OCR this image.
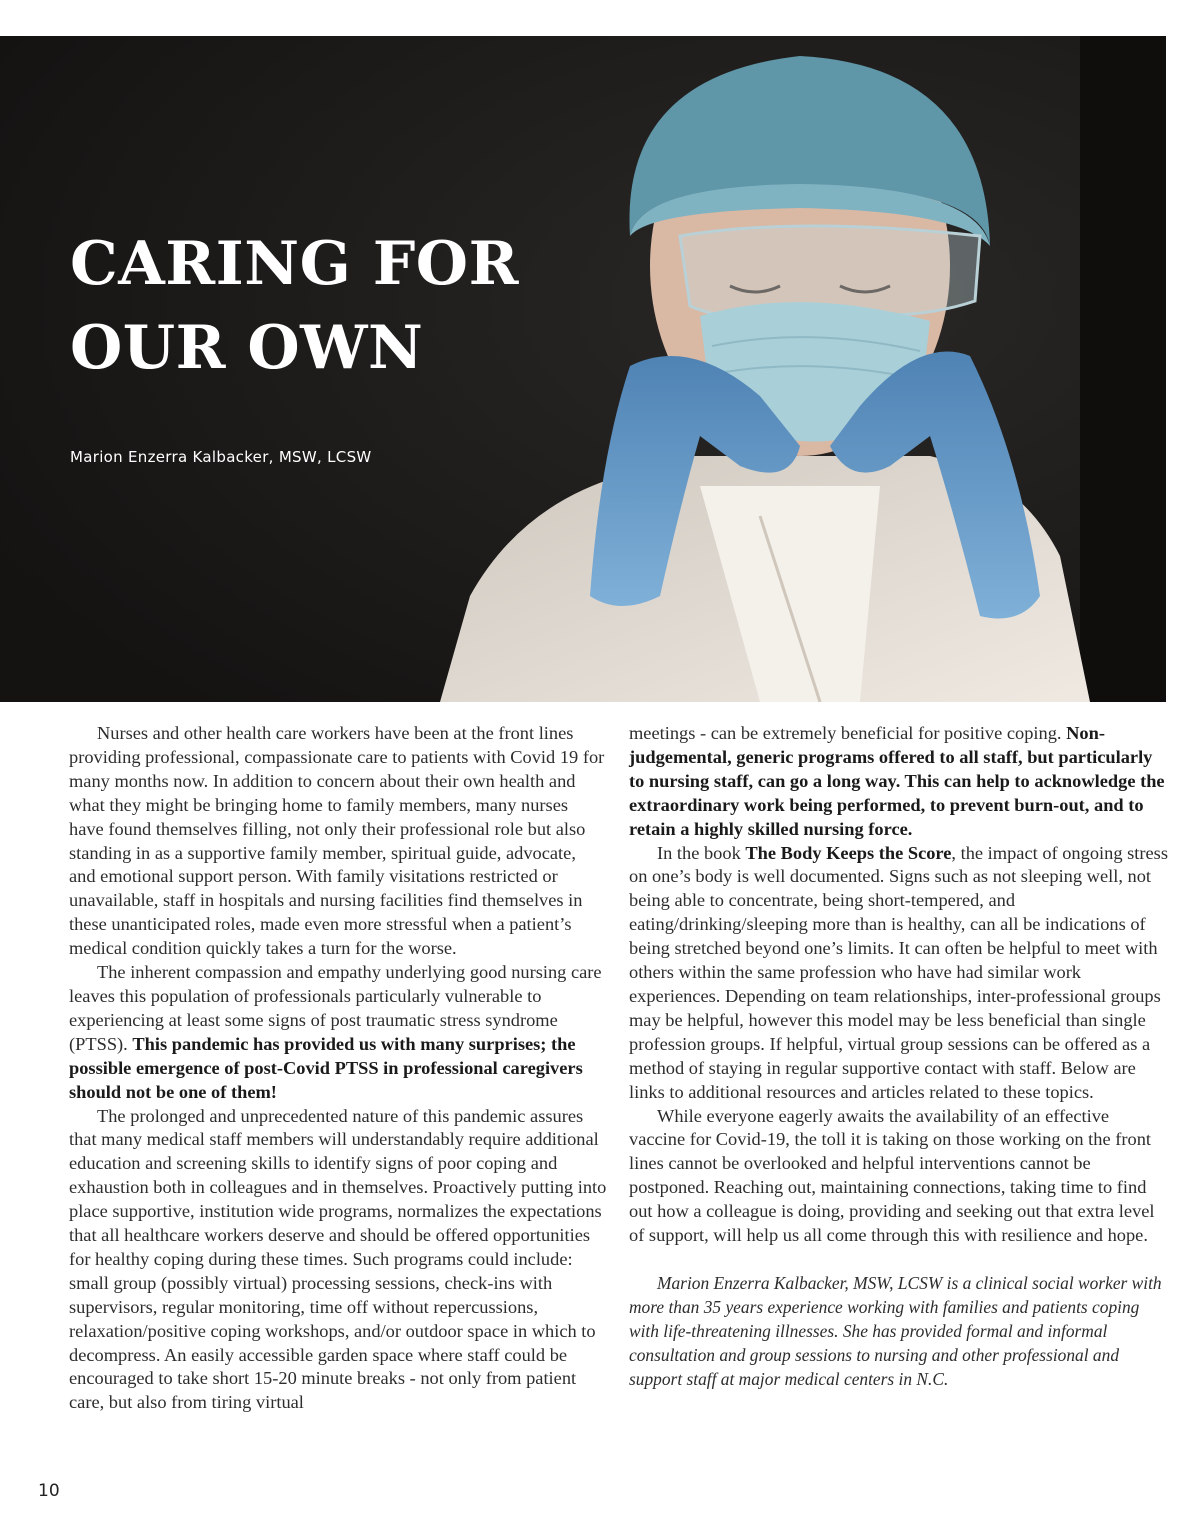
CARING FOR
OUR OWN
Marion Enzerra Kalbacker, MSW, LCSW

Nurses and other health care workers have been at the front lines providing professional, compassionate care to patients with Covid 19 for many months now. In addition to concern about their own health and what they might be bringing home to family members, many nurses have found themselves filling, not only their professional role but also standing in as a supportive family member, spiritual guide, advocate, and emotional support person. With family visitations restricted or unavailable, staff in hospitals and nursing facilities find themselves in these unanticipated roles, made even more stressful when a patient’s medical condition quickly takes a turn for the worse.

The inherent compassion and empathy underlying good nursing care leaves this population of professionals particularly vulnerable to experiencing at least some signs of post traumatic stress syndrome (PTSS). This pandemic has provided us with many surprises; the possible emergence of post-Covid PTSS in professional caregivers should not be one of them!

The prolonged and unprecedented nature of this pandemic assures that many medical staff members will understandably require additional education and screening skills to identify signs of poor coping and exhaustion both in colleagues and in themselves. Proactively putting into place supportive, institution wide programs, normalizes the expectations that all healthcare workers deserve and should be offered opportunities for healthy coping during these times. Such programs could include: small group (possibly virtual) processing sessions, check-ins with supervisors, regular monitoring, time off without repercussions, relaxation/positive coping workshops, and/or outdoor space in which to decompress. An easily accessible garden space where staff could be encouraged to take short 15-20 minute breaks - not only from patient care, but also from tiring virtual

meetings - can be extremely beneficial for positive coping. Non-judgemental, generic programs offered to all staff, but particularly to nursing staff, can go a long way. This can help to acknowledge the extraordinary work being performed, to prevent burn-out, and to retain a highly skilled nursing force.

In the book The Body Keeps the Score, the impact of ongoing stress on one’s body is well documented. Signs such as not sleeping well, not being able to concentrate, being short-tempered, and eating/drinking/sleeping more than is healthy, can all be indications of being stretched beyond one’s limits. It can often be helpful to meet with others within the same profession who have had similar work experiences. Depending on team relationships, inter-professional groups may be helpful, however this model may be less beneficial than single profession groups. If helpful, virtual group sessions can be offered as a method of staying in regular supportive contact with staff. Below are links to additional resources and articles related to these topics.

While everyone eagerly awaits the availability of an effective vaccine for Covid-19, the toll it is taking on those working on the front lines cannot be overlooked and helpful interventions cannot be postponed. Reaching out, maintaining connections, taking time to find out how a colleague is doing, providing and seeking out that extra level of support, will help us all come through this with resilience and hope.

Marion Enzerra Kalbacker, MSW, LCSW is a clinical social worker with more than 35 years experience working with families and patients coping with life-threatening illnesses. She has provided formal and informal consultation and group sessions to nursing and other professional and support staff at major medical centers in N.C.

10
